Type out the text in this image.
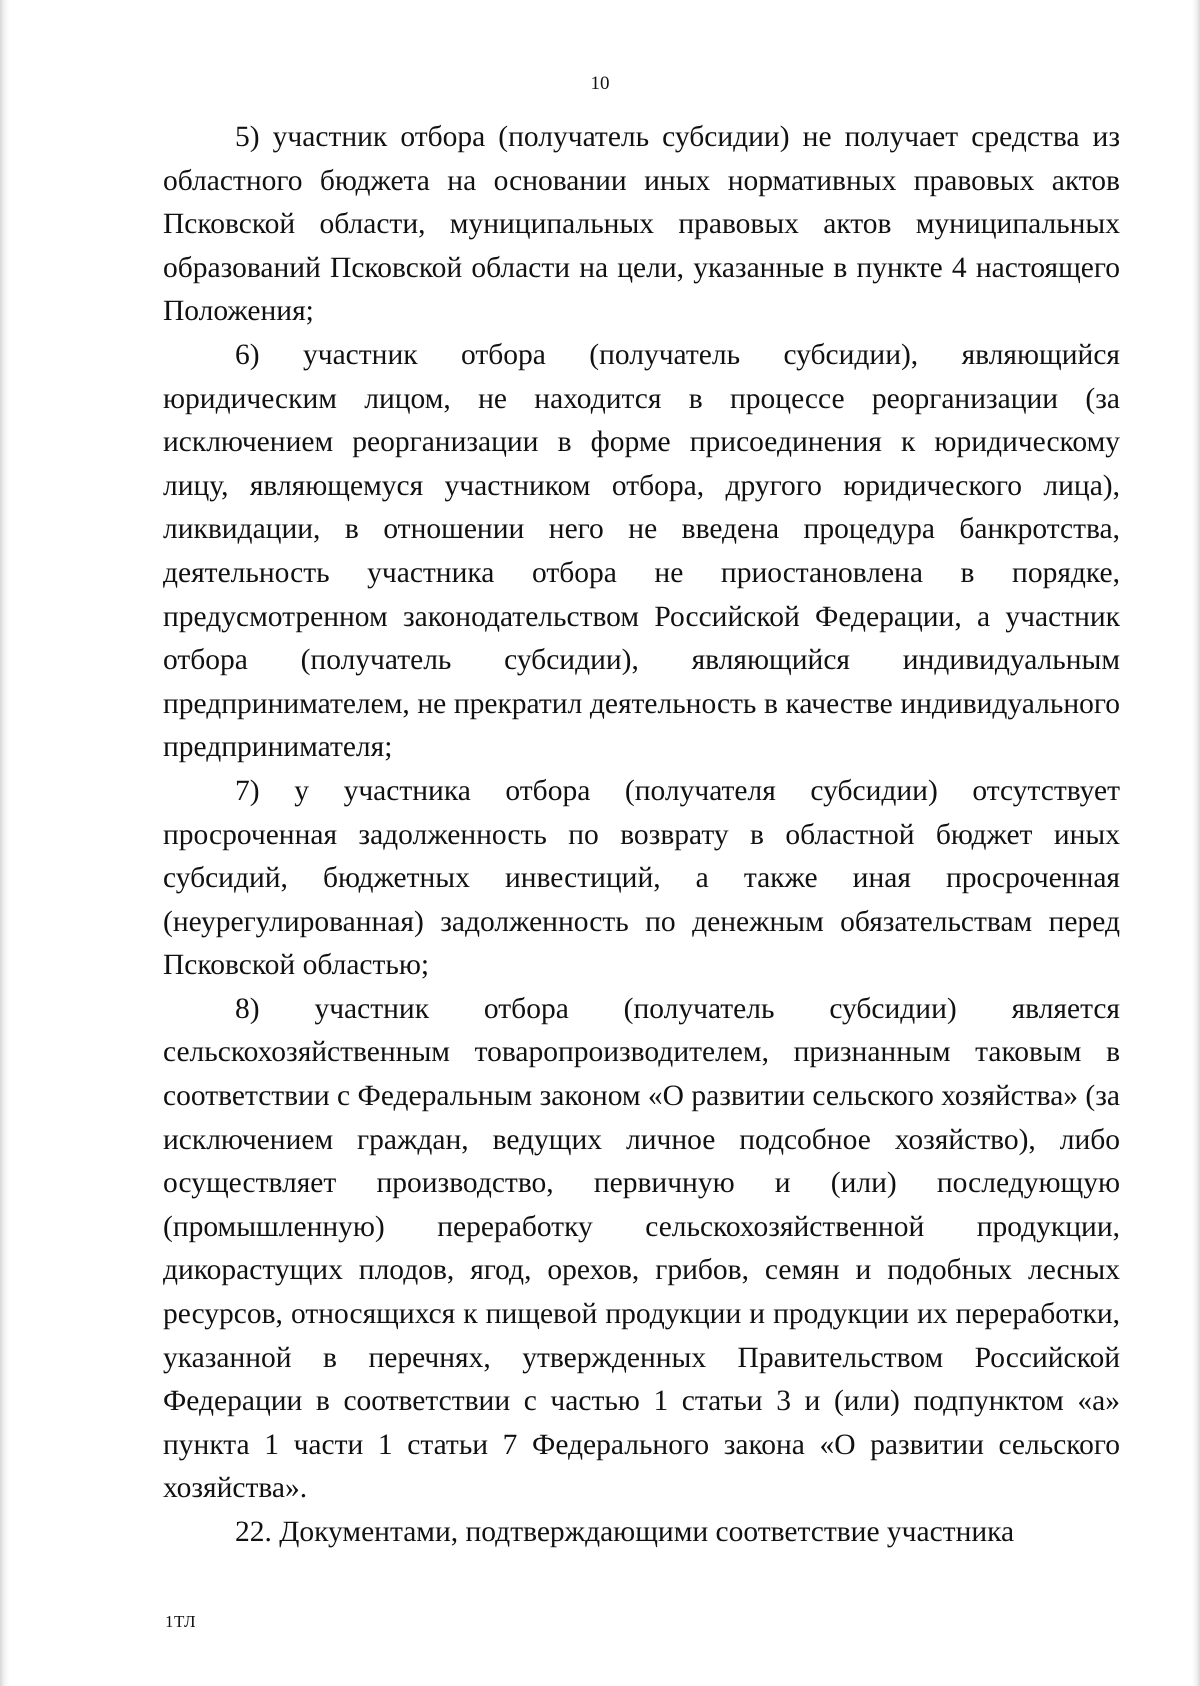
10

5) участник отбора (получатель субсидии) не получает средства из областного бюджета на основании иных нормативных правовых актов Псковской области, муниципальных правовых актов муниципальных образований Псковской области на цели, указанные в пункте 4 настоящего Положения;

6) участник отбора (получатель субсидии), являющийся юридическим лицом, не находится в процессе реорганизации (за исключением реорганизации в форме присоединения к юридическому лицу, являющемуся участником отбора, другого юридического лица), ликвидации, в отношении него не введена процедура банкротства, деятельность участника отбора не приостановлена в порядке, предусмотренном законодательством Российской Федерации, а участник отбора (получатель субсидии), являющийся индивидуальным предпринимателем, не прекратил деятельность в качестве индивидуального предпринимателя;

7) у участника отбора (получателя субсидии) отсутствует просроченная задолженность по возврату в областной бюджет иных субсидий, бюджетных инвестиций, а также иная просроченная (неурегулированная) задолженность по денежным обязательствам перед Псковской областью;

8) участник отбора (получатель субсидии) является сельскохозяйственным товаропроизводителем, признанным таковым в соответствии с Федеральным законом «О развитии сельского хозяйства» (за исключением граждан, ведущих личное подсобное хозяйство), либо осуществляет производство, первичную и (или) последующую (промышленную) переработку сельскохозяйственной продукции, дикорастущих плодов, ягод, орехов, грибов, семян и подобных лесных ресурсов, относящихся к пищевой продукции и продукции их переработки, указанной в перечнях, утвержденных Правительством Российской Федерации в соответствии с частью 1 статьи 3 и (или) подпунктом «а» пункта 1 части 1 статьи 7 Федерального закона «О развитии сельского хозяйства».

22. Документами, подтверждающими соответствие участника

1ТЛ
